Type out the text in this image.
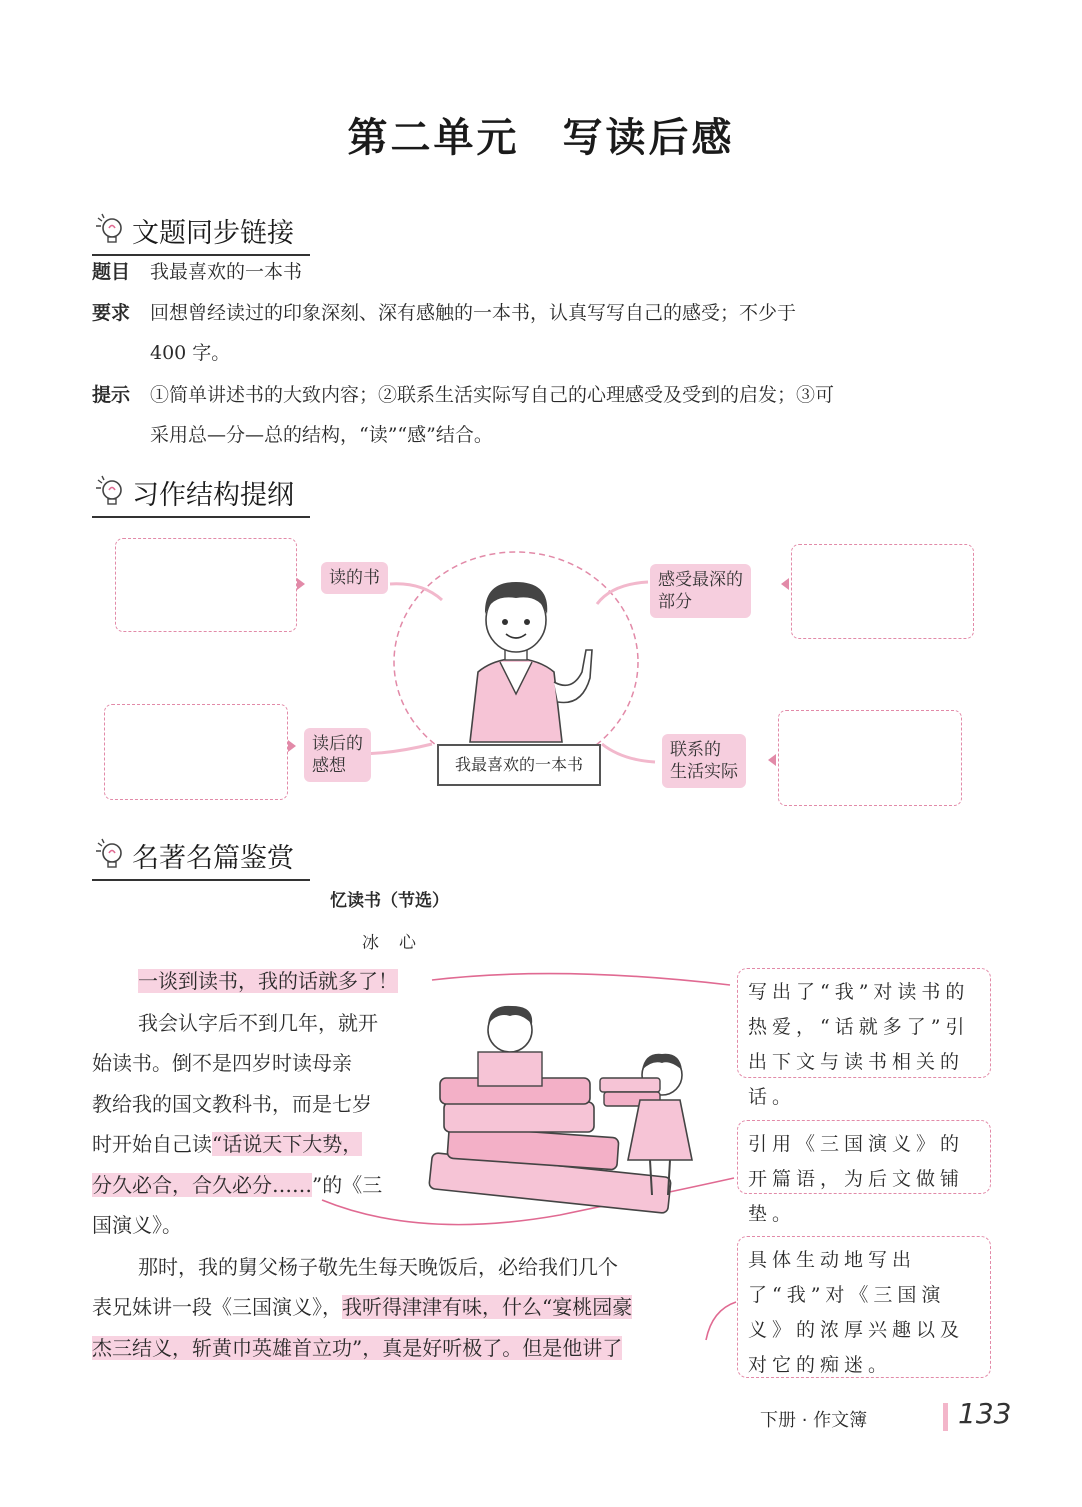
第二单元　写读后感
文题同步链接
题目	我最喜欢的一本书
要求 回想曾经读过的印象深刻、深有感触的一本书，认真写写自己的感受；不少于
400 字。
提示 ①简单讲述书的大致内容；②联系生活实际写自己的心理感受及受到的启发；③可
采用总—分—总的结构，“读”“感”结合。
习作结构提纲
读的书	感受最深的
部分
读后的
感想
联系的
生活实际
我最喜欢的一本书
名著名篇鉴赏
忆读书（节选）
冰心
一谈到读书，我的话就多了！
我会认字后不到几年，就开
始读书。倒不是四岁时读母亲
教给我的国文教科书，而是七岁
时开始自己读“话说天下大势，
分久必合，合久必分……”的《三
国演义》。
那时，我的舅父杨子敬先生每天晚饭后，必给我们几个
表兄妹讲一段《三国演义》，我听得津津有味，什么“宴桃园豪
杰三结义，斩黄巾英雄首立功”，真是好听极了。但是他讲了
写出了“我”对读书的热爱，“话就多了”引出下文与读书相关的话。
引用《三国演义》的开篇语，为后文做铺垫。
具体生动地写出了“我”对《三国演义》的浓厚兴趣以及对它的痴迷。
下册 · 作文簿	133
